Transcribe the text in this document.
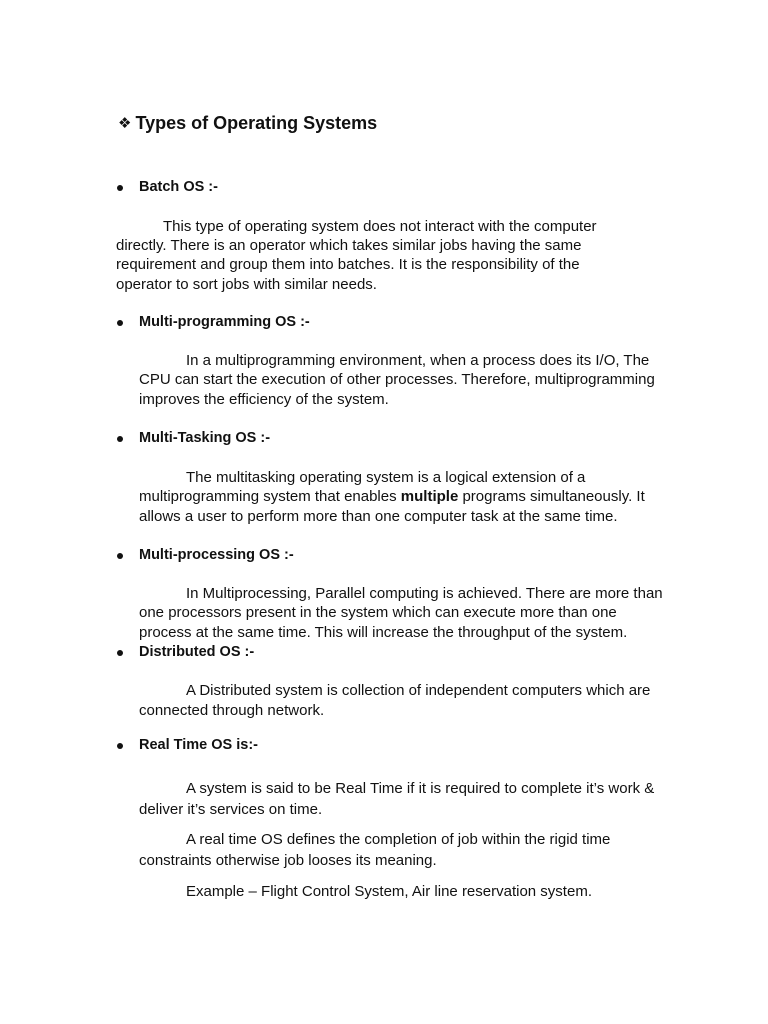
❖ Types of Operating Systems
Batch OS :-
This type of operating system does not interact with the computer
directly. There is an operator which takes similar jobs having the same
requirement and group them into batches. It is the responsibility of the
operator to sort jobs with similar needs.
Multi-programming OS :-
In a multiprogramming environment, when a process does its I/O, The
CPU can start the execution of other processes. Therefore, multiprogramming
improves the efficiency of the system.
Multi-Tasking OS :-
The multitasking operating system is a logical extension of a
multiprogramming system that enables multiple programs simultaneously. It
allows a user to perform more than one computer task at the same time.
Multi-processing OS :-
In Multiprocessing, Parallel computing is achieved. There are more than
one processors present in the system which can execute more than one
process at the same time. This will increase the throughput of the system.
Distributed OS :-
A Distributed system is collection of independent computers which are
connected through network.
Real Time OS is:-
A system is said to be Real Time if it is required to complete it’s work &
deliver it’s services on time.
A real time OS defines the completion of job within the rigid time
constraints otherwise job looses its meaning.
Example – Flight Control System, Air line reservation system.
